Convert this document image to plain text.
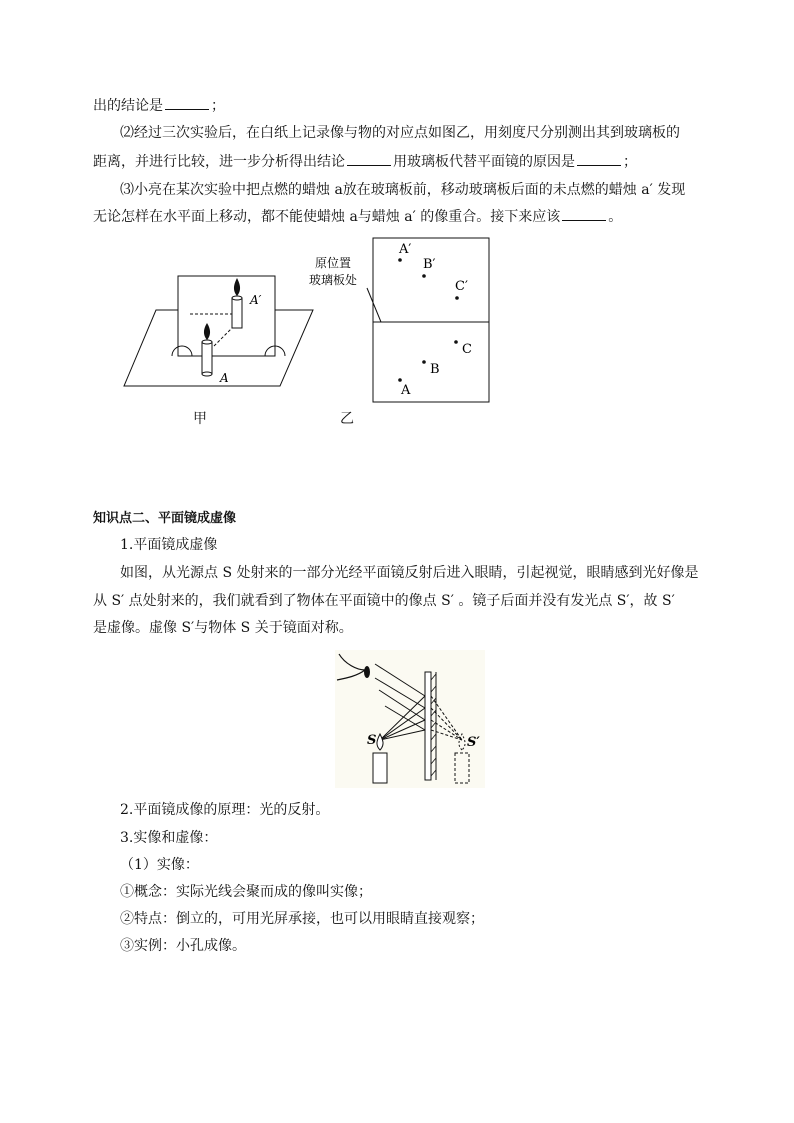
出的结论是	；
⑵经过三次实验后，在白纸上记录像与物的对应点如图乙，用刻度尺分别测出其到玻璃板的
距离，并进行比较，进一步分析得出结论	用玻璃板代替平面镜的原因是	；
⑶小亮在某次实验中把点燃的蜡烛 a放在玻璃板前，移动玻璃板后面的未点燃的蜡烛 a′ 发现
无论怎样在水平面上移动，都不能使蜡烛 a与蜡烛 a′ 的像重合。接下来应该	。
A′
A
甲
原位置
玻璃板处
A′
B′
C′
C
B
A
乙
知识点二、平面镜成虚像
1.平面镜成虚像
如图，从光源点 S 处射来的一部分光经平面镜反射后进入眼睛，引起视觉，眼睛感到光好像是
从 S′ 点处射来的，我们就看到了物体在平面镜中的像点 S′ 。镜子后面并没有发光点 S′，故 S′
是虚像。虚像 S′与物体 S 关于镜面对称。
S	S′
2.平面镜成像的原理：光的反射。
3.实像和虚像：
（1）实像：
①概念：实际光线会聚而成的像叫实像；
②特点：倒立的，可用光屏承接，也可以用眼睛直接观察；
③实例：小孔成像。
